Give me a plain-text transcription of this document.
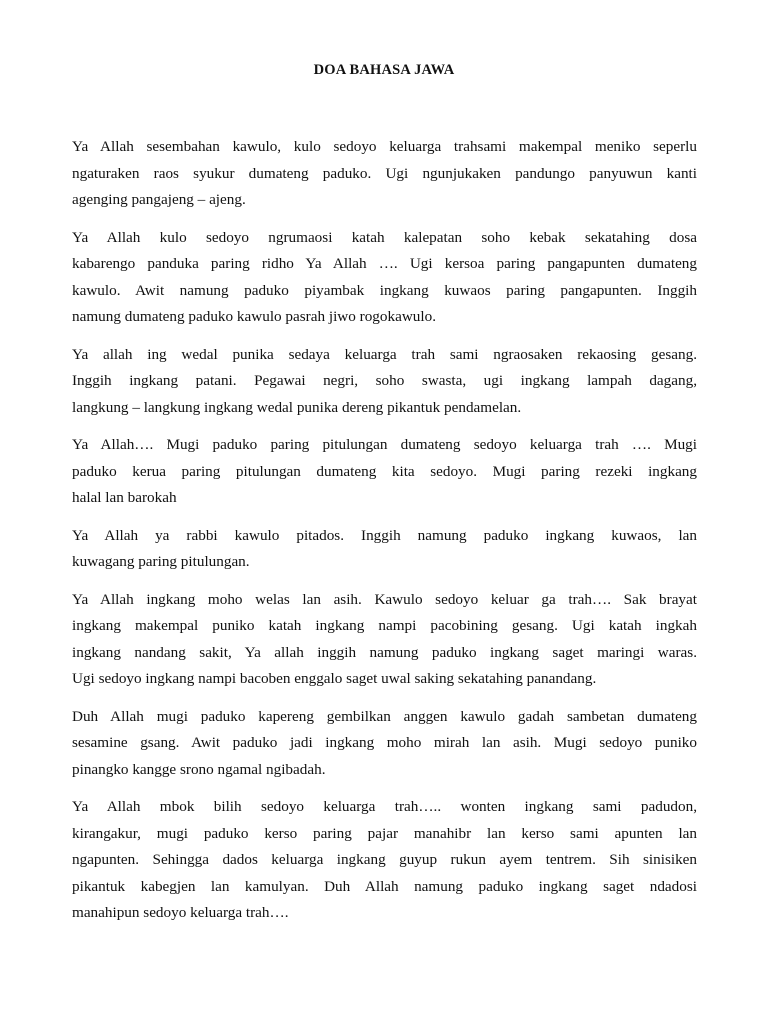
DOA BAHASA JAWA
Ya Allah sesembahan kawulo, kulo sedoyo keluarga trahsami makempal meniko seperlu
ngaturaken raos syukur dumateng paduko. Ugi ngunjukaken pandungo panyuwun kanti
agenging pangajeng – ajeng.
Ya Allah kulo sedoyo ngrumaosi katah kalepatan soho kebak sekatahing dosa
kabarengo panduka paring ridho Ya Allah …. Ugi kersoa paring pangapunten dumateng
kawulo. Awit namung paduko piyambak ingkang kuwaos paring pangapunten. Inggih
namung dumateng paduko kawulo pasrah jiwo rogokawulo.
Ya allah ing wedal punika sedaya keluarga trah sami ngraosaken rekaosing gesang.
Inggih ingkang patani. Pegawai negri, soho swasta, ugi ingkang lampah dagang,
langkung – langkung ingkang wedal punika dereng pikantuk pendamelan.
Ya Allah…. Mugi paduko paring pitulungan dumateng sedoyo keluarga trah …. Mugi
paduko kerua paring pitulungan dumateng kita sedoyo. Mugi paring rezeki ingkang
halal lan barokah
Ya Allah ya rabbi kawulo pitados. Inggih namung paduko ingkang kuwaos, lan
kuwagang paring pitulungan.
Ya Allah ingkang moho welas lan asih. Kawulo sedoyo keluar ga trah…. Sak brayat
ingkang makempal puniko katah ingkang nampi pacobining gesang. Ugi katah ingkah
ingkang nandang sakit, Ya allah inggih namung paduko ingkang saget maringi waras.
Ugi sedoyo ingkang nampi bacoben enggalo saget uwal saking sekatahing panandang.
Duh Allah mugi paduko kapereng gembilkan anggen kawulo gadah sambetan dumateng
sesamine gsang. Awit paduko jadi ingkang moho mirah lan asih. Mugi sedoyo puniko
pinangko kangge srono ngamal ngibadah.
Ya Allah mbok bilih sedoyo keluarga trah….. wonten ingkang sami padudon,
kirangakur, mugi paduko kerso paring pajar manahibr lan kerso sami apunten lan
ngapunten. Sehingga dados keluarga ingkang guyup rukun ayem tentrem. Sih sinisiken
pikantuk kabegjen lan kamulyan. Duh Allah namung paduko ingkang saget ndadosi
manahipun sedoyo keluarga trah….
